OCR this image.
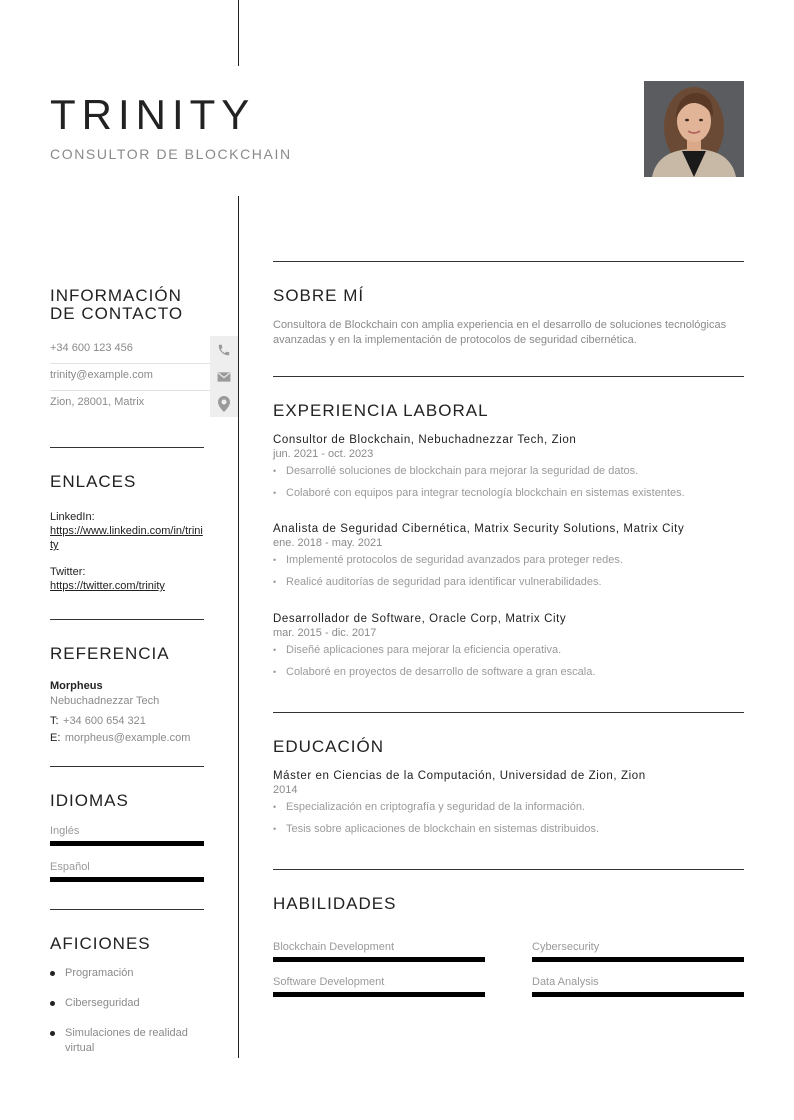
TRINITY

CONSULTOR DE BLOCKCHAIN

INFORMACIÓN
DE CONTACTO
+34 600 123 456
trinity@example.com
Zion, 28001, Matrix
ENLACES
LinkedIn:
https://www.linkedin.com/in/trinity
Twitter:
https://twitter.com/trinity
REFERENCIA
Morpheus
Nebuchadnezzar Tech
T: +34 600 654 321
E: morpheus@example.com
IDIOMAS
Inglés
Español
AFICIONES
Programación
Ciberseguridad
Simulaciones de realidad virtual
SOBRE MÍ

Consultora de Blockchain con amplia experiencia en el desarrollo de soluciones tecnológicas avanzadas y en la implementación de protocolos de seguridad cibernética.

EXPERIENCIA LABORAL
Consultor de Blockchain, Nebuchadnezzar Tech, Zion
jun. 2021 - oct. 2023
• Desarrollé soluciones de blockchain para mejorar la seguridad de datos.
• Colaboré con equipos para integrar tecnología blockchain en sistemas existentes.
Analista de Seguridad Cibernética, Matrix Security Solutions, Matrix City
ene. 2018 - may. 2021
• Implementé protocolos de seguridad avanzados para proteger redes.
• Realicé auditorías de seguridad para identificar vulnerabilidades.
Desarrollador de Software, Oracle Corp, Matrix City
mar. 2015 - dic. 2017
• Diseñé aplicaciones para mejorar la eficiencia operativa.
• Colaboré en proyectos de desarrollo de software a gran escala.
EDUCACIÓN
Máster en Ciencias de la Computación, Universidad de Zion, Zion
2014
• Especialización en criptografía y seguridad de la información.
• Tesis sobre aplicaciones de blockchain en sistemas distribuidos.
HABILIDADES
Blockchain Development	Cybersecurity
Software Development	Data Analysis
